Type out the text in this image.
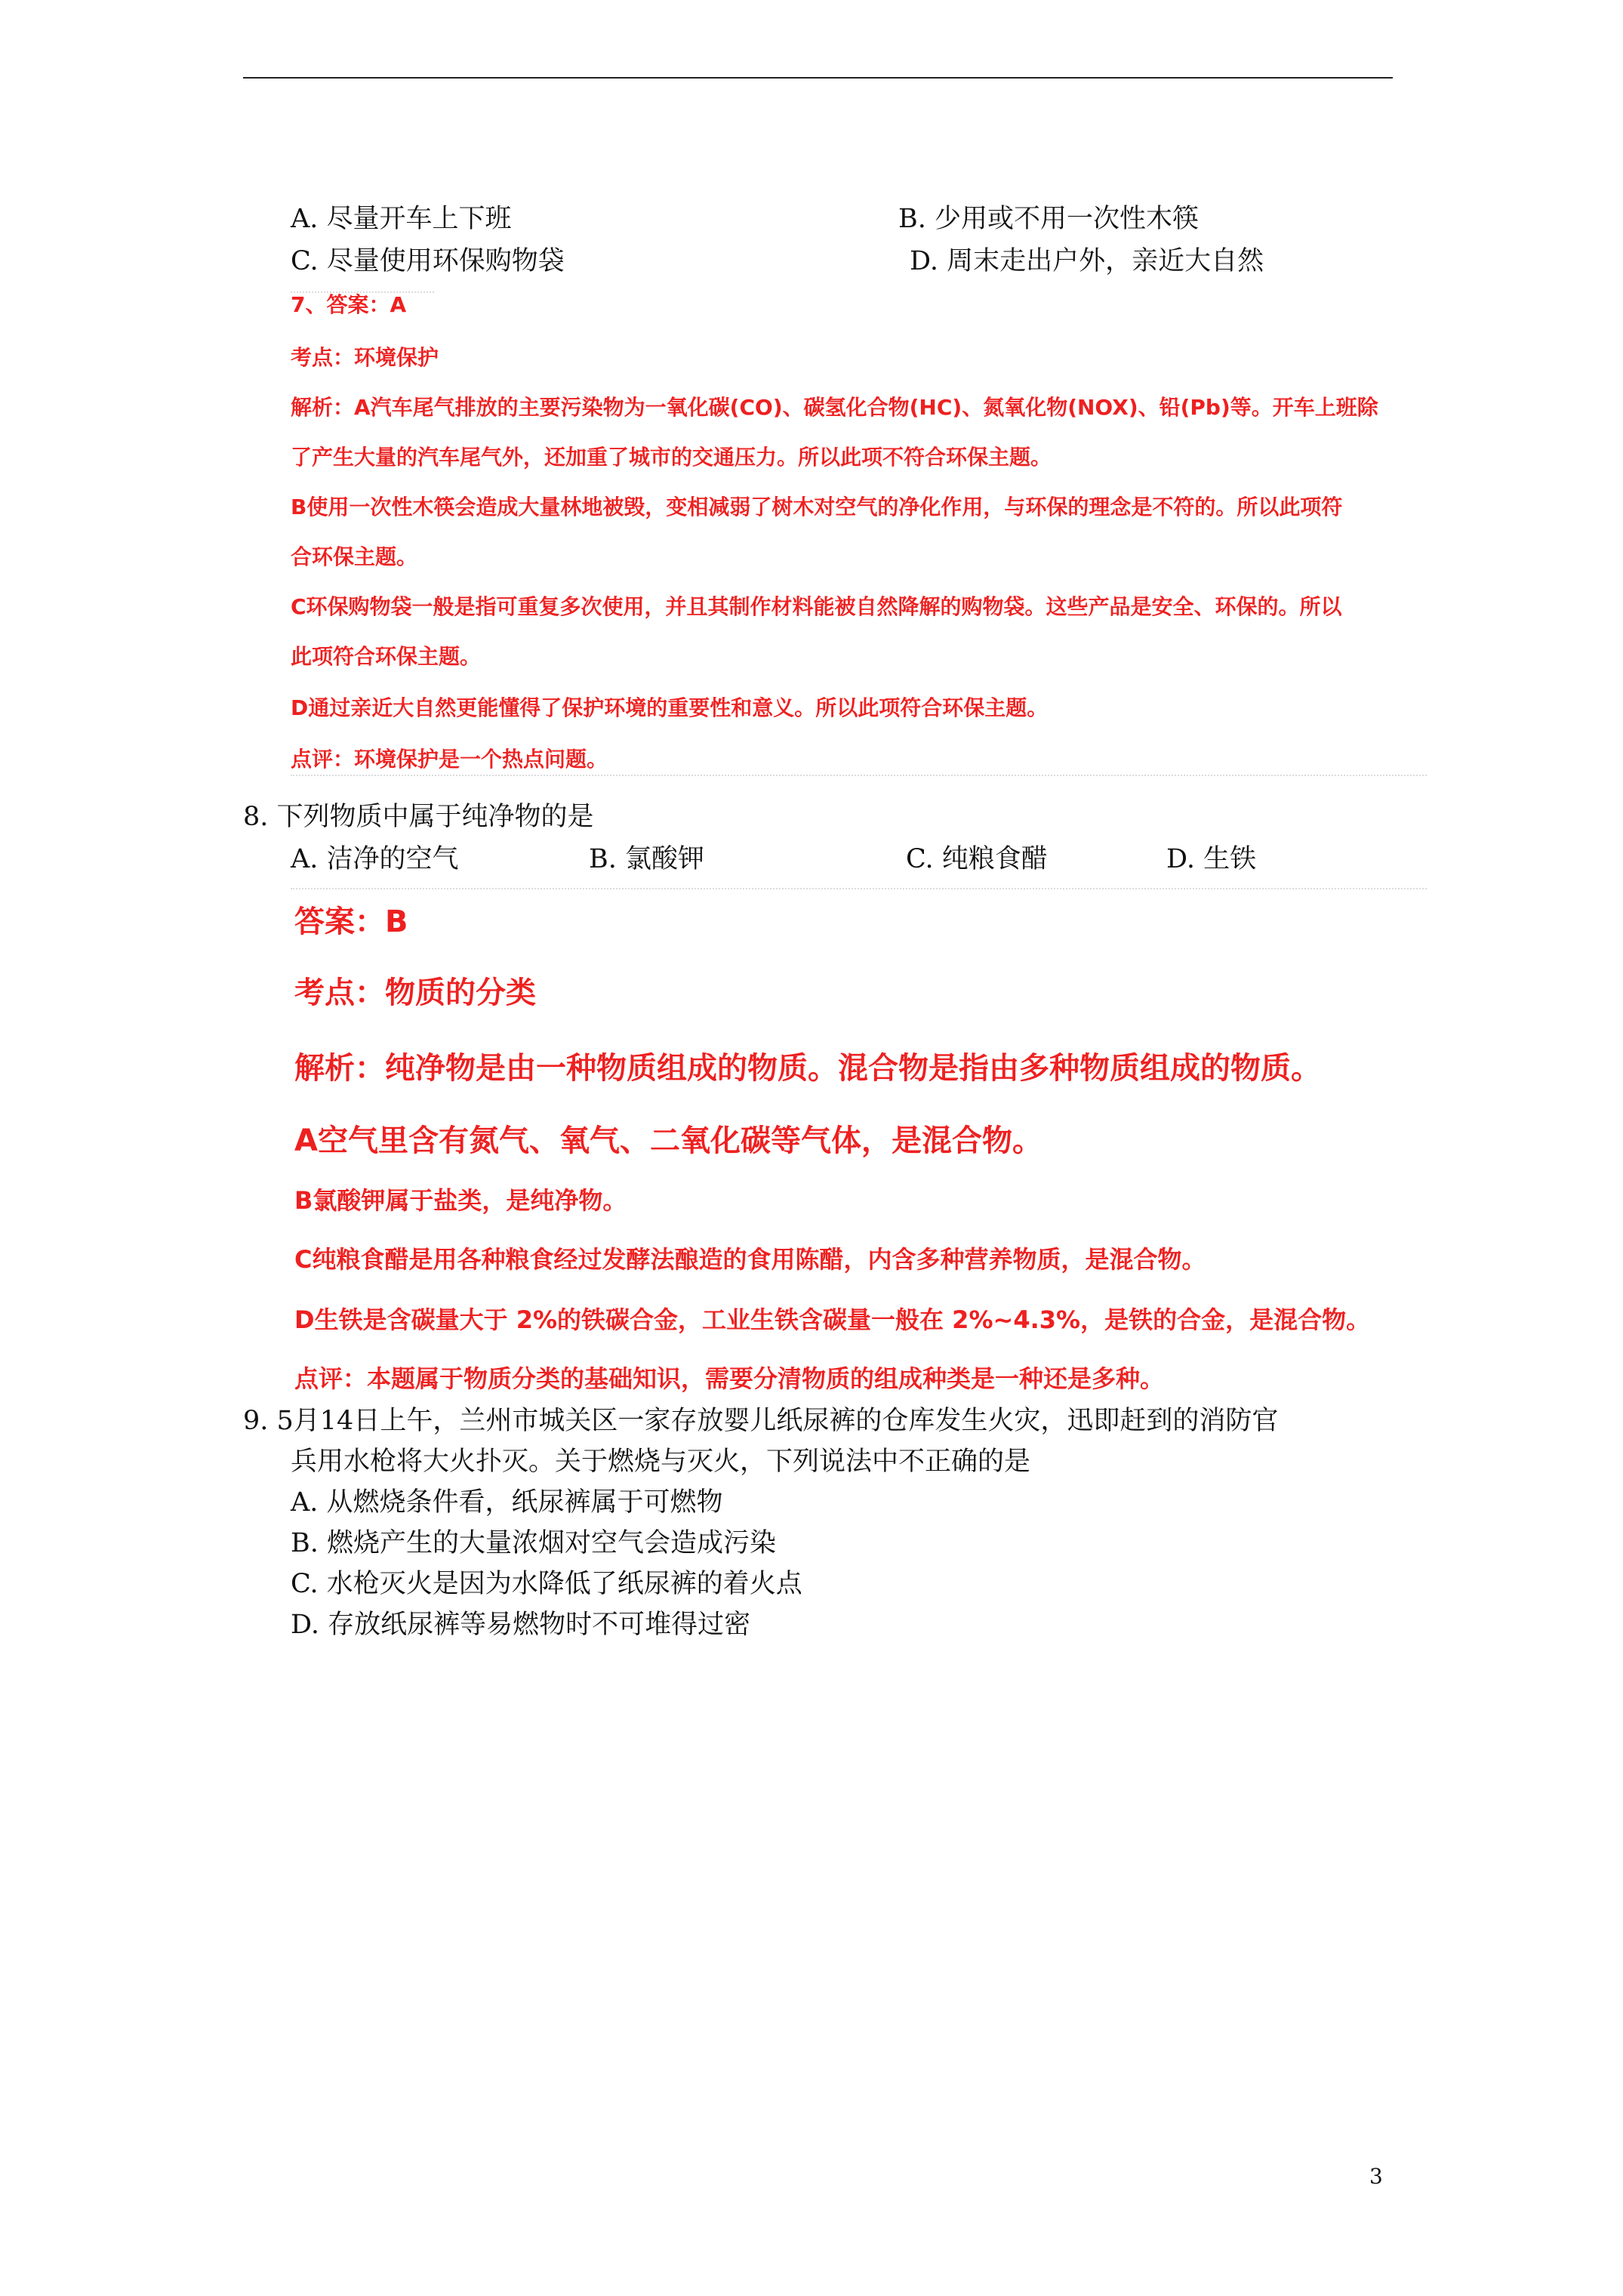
A. 尽量开车上下班	B. 少用或不用一次性木筷
C. 尽量使用环保购物袋	D. 周末走出户外，亲近大自然
7、答案：A
考点：环境保护
解析：A汽车尾气排放的主要污染物为一氧化碳(CO)、碳氢化合物(HC)、氮氧化物(NOX)、铅(Pb)等。开车上班除
了产生大量的汽车尾气外，还加重了城市的交通压力。所以此项不符合环保主题。
B使用一次性木筷会造成大量林地被毁，变相减弱了树木对空气的净化作用，与环保的理念是不符的。所以此项符
合环保主题。
C环保购物袋一般是指可重复多次使用，并且其制作材料能被自然降解的购物袋。这些产品是安全、环保的。所以
此项符合环保主题。
D通过亲近大自然更能懂得了保护环境的重要性和意义。所以此项符合环保主题。
点评：环境保护是一个热点问题。
8. 下列物质中属于纯净物的是
A. 洁净的空气	B. 氯酸钾	C. 纯粮食醋	D. 生铁
答案：B
考点：物质的分类
解析：纯净物是由一种物质组成的物质。混合物是指由多种物质组成的物质。
A空气里含有氮气、氧气、二氧化碳等气体，是混合物。
B氯酸钾属于盐类，是纯净物。
C纯粮食醋是用各种粮食经过发酵法酿造的食用陈醋，内含多种营养物质，是混合物。
D生铁是含碳量大于 2%的铁碳合金，工业生铁含碳量一般在 2%~4.3%，是铁的合金，是混合物。
点评：本题属于物质分类的基础知识，需要分清物质的组成种类是一种还是多种。
9. 5月14日上午，兰州市城关区一家存放婴儿纸尿裤的仓库发生火灾，迅即赶到的消防官
兵用水枪将大火扑灭。关于燃烧与灭火，下列说法中不正确的是
A. 从燃烧条件看，纸尿裤属于可燃物
B. 燃烧产生的大量浓烟对空气会造成污染
C. 水枪灭火是因为水降低了纸尿裤的着火点
D. 存放纸尿裤等易燃物时不可堆得过密
3
